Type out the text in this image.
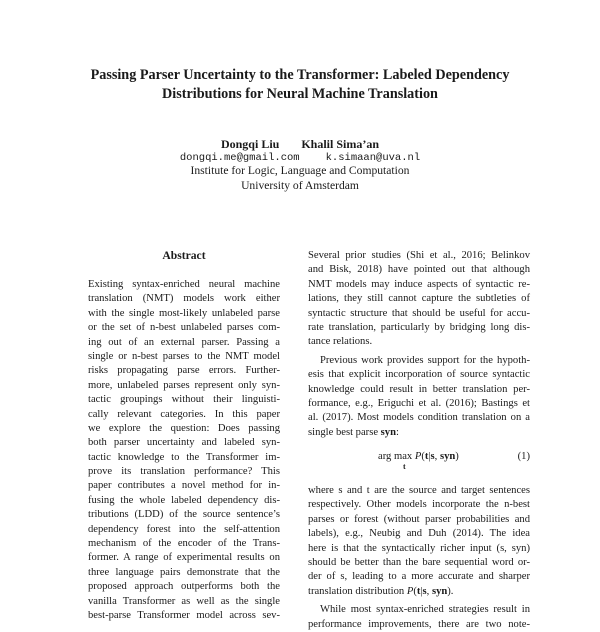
Passing Parser Uncertainty to the Transformer: Labeled Dependency
Distributions for Neural Machine Translation
Dongqi Liu Khalil Sima’an
dongqi.me@gmail.com k.simaan@uva.nl
Institute for Logic, Language and Computation
University of Amsterdam
Abstract
Existing syntax-enriched neural machine
translation (NMT) models work either
with the single most-likely unlabeled parse
or the set of n-best unlabeled parses com-
ing out of an external parser. Passing a
single or n-best parses to the NMT model
risks propagating parse errors. Further-
more, unlabeled parses represent only syn-
tactic groupings without their linguisti-
cally relevant categories. In this paper
we explore the question: Does passing
both parser uncertainty and labeled syn-
tactic knowledge to the Transformer im-
prove its translation performance? This
paper contributes a novel method for in-
fusing the whole labeled dependency dis-
tributions (LDD) of the source sentence’s
dependency forest into the self-attention
mechanism of the encoder of the Trans-
former. A range of experimental results on
three language pairs demonstrate that the
proposed approach outperforms both the
vanilla Transformer as well as the single
best-parse Transformer model across sev-
Several prior studies (Shi et al., 2016; Belinkov
and Bisk, 2018) have pointed out that although
NMT models may induce aspects of syntactic re-
lations, they still cannot capture the subtleties of
syntactic structure that should be useful for accu-
rate translation, particularly by bridging long dis-
tance relations.
Previous work provides support for the hypoth-
esis that explicit incorporation of source syntactic
knowledge could result in better translation per-
formance, e.g., Eriguchi et al. (2016); Bastings et
al. (2017). Most models condition translation on a
single best parse syn:
arg max P(t|s, syn)
t
(1)
where s and t are the source and target sentences
respectively. Other models incorporate the n-best
parses or forest (without parser probabilities and
labels), e.g., Neubig and Duh (2014). The idea
here is that the syntactically richer input (s, syn)
should be better than the bare sequential word or-
der of s, leading to a more accurate and sharper
translation distribution P(t|s, syn).
While most syntax-enriched strategies result in
performance improvements, there are two note-
